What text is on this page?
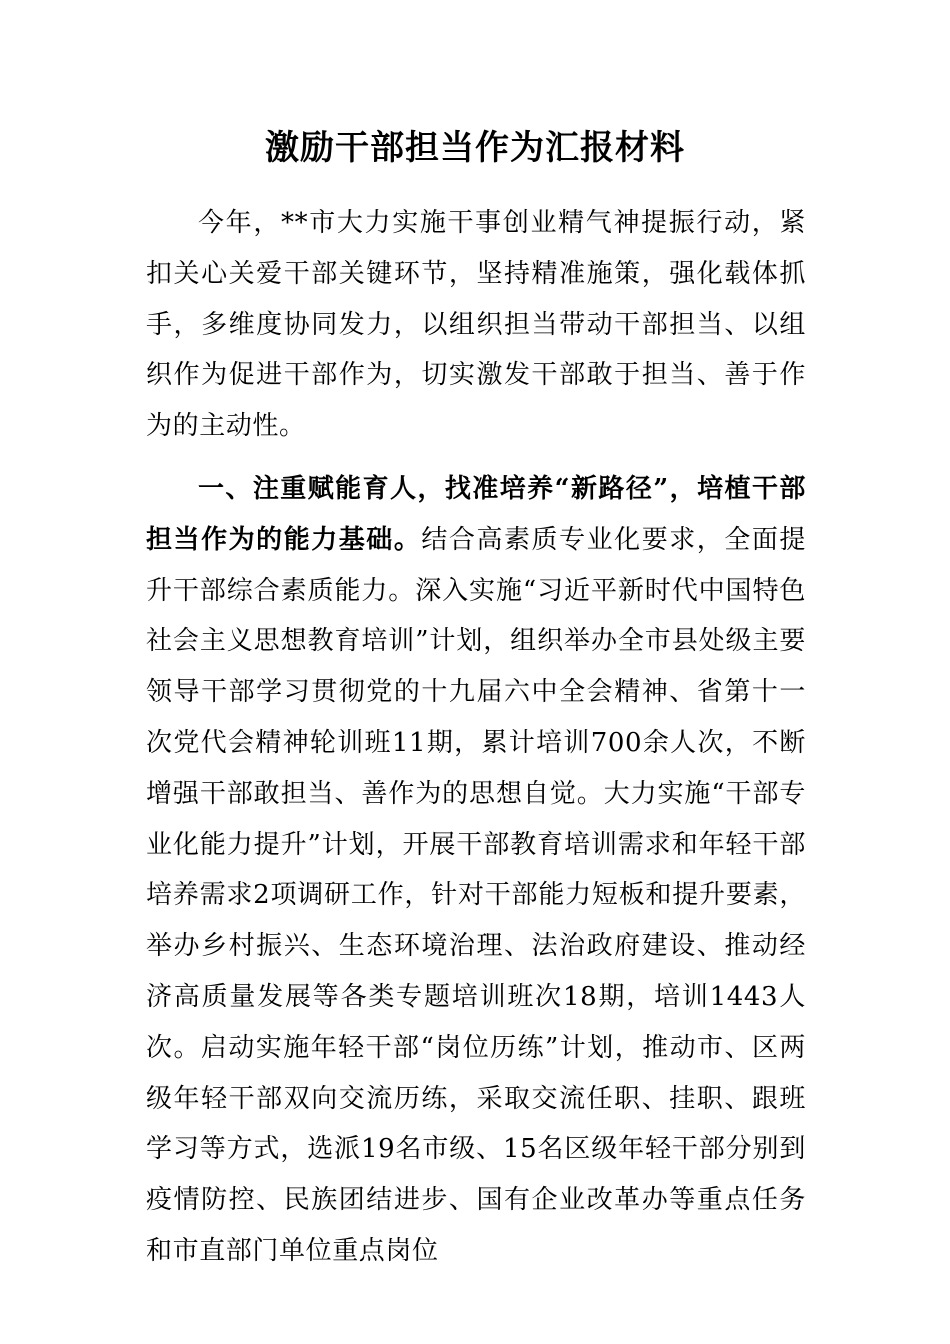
激励干部担当作为汇报材料

今年，**市大力实施干事创业精气神提振行动，紧扣关心关爱干部关键环节，坚持精准施策，强化载体抓手，多维度协同发力，以组织担当带动干部担当、以组织作为促进干部作为，切实激发干部敢于担当、善于作为的主动性。

一、注重赋能育人，找准培养“新路径”，培植干部担当作为的能力基础。结合高素质专业化要求，全面提升干部综合素质能力。深入实施“习近平新时代中国特色社会主义思想教育培训”计划，组织举办全市县处级主要领导干部学习贯彻党的十九届六中全会精神、省第十一次党代会精神轮训班11期，累计培训700余人次，不断增强干部敢担当、善作为的思想自觉。大力实施“干部专业化能力提升”计划，开展干部教育培训需求和年轻干部培养需求2项调研工作，针对干部能力短板和提升要素，举办乡村振兴、生态环境治理、法治政府建设、推动经济高质量发展等各类专题培训班次18期，培训1443人次。启动实施年轻干部“岗位历练”计划，推动市、区两级年轻干部双向交流历练，采取交流任职、挂职、跟班学习等方式，选派19名市级、15名区级年轻干部分别到疫情防控、民族团结进步、国有企业改革办等重点任务和市直部门单位重点岗位
